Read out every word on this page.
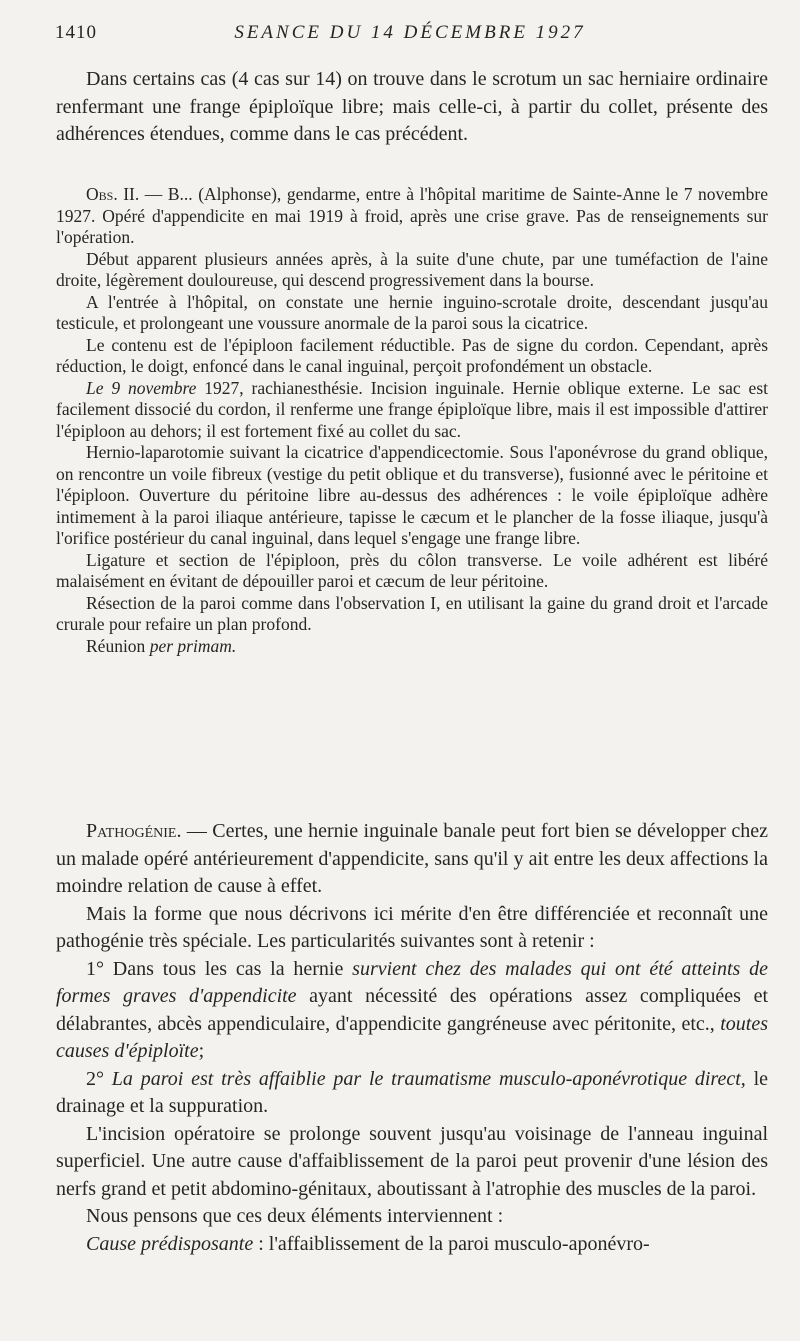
1410	SEANCE DU 14 DÉCEMBRE 1927

Dans certains cas (4 cas sur 14) on trouve dans le scrotum un sac herniaire ordinaire renfermant une frange épiploïque libre; mais celle-ci, à partir du collet, présente des adhérences étendues, comme dans le cas précédent.

Obs. II. — B... (Alphonse), gendarme, entre à l'hôpital maritime de Sainte-Anne le 7 novembre 1927. Opéré d'appendicite en mai 1919 à froid, après une crise grave. Pas de renseignements sur l'opération.

Début apparent plusieurs années après, à la suite d'une chute, par une tuméfaction de l'aine droite, légèrement douloureuse, qui descend progressivement dans la bourse.

A l'entrée à l'hôpital, on constate une hernie inguino-scrotale droite, descendant jusqu'au testicule, et prolongeant une voussure anormale de la paroi sous la cicatrice.

Le contenu est de l'épiploon facilement réductible. Pas de signe du cordon. Cependant, après réduction, le doigt, enfoncé dans le canal inguinal, perçoit profondément un obstacle.

Le 9 novembre 1927, rachianesthésie. Incision inguinale. Hernie oblique externe. Le sac est facilement dissocié du cordon, il renferme une frange épiploïque libre, mais il est impossible d'attirer l'épiploon au dehors; il est fortement fixé au collet du sac.

Hernio-laparotomie suivant la cicatrice d'appendicectomie. Sous l'aponévrose du grand oblique, on rencontre un voile fibreux (vestige du petit oblique et du transverse), fusionné avec le péritoine et l'épiploon. Ouverture du péritoine libre au-dessus des adhérences : le voile épiploïque adhère intimement à la paroi iliaque antérieure, tapisse le cæcum et le plancher de la fosse iliaque, jusqu'à l'orifice postérieur du canal inguinal, dans lequel s'engage une frange libre.

Ligature et section de l'épiploon, près du côlon transverse. Le voile adhérent est libéré malaisément en évitant de dépouiller paroi et cæcum de leur péritoine.

Résection de la paroi comme dans l'observation I, en utilisant la gaine du grand droit et l'arcade crurale pour refaire un plan profond.

Réunion per primam.

Pathogénie. — Certes, une hernie inguinale banale peut fort bien se développer chez un malade opéré antérieurement d'appendicite, sans qu'il y ait entre les deux affections la moindre relation de cause à effet.

Mais la forme que nous décrivons ici mérite d'en être différenciée et reconnaît une pathogénie très spéciale. Les particularités suivantes sont à retenir :

1° Dans tous les cas la hernie survient chez des malades qui ont été atteints de formes graves d'appendicite ayant nécessité des opérations assez compliquées et délabrantes, abcès appendiculaire, d'appendicite gangréneuse avec péritonite, etc., toutes causes d'épiploïte;

2° La paroi est très affaiblie par le traumatisme musculo-aponévrotique direct, le drainage et la suppuration.

L'incision opératoire se prolonge souvent jusqu'au voisinage de l'anneau inguinal superficiel. Une autre cause d'affaiblissement de la paroi peut provenir d'une lésion des nerfs grand et petit abdomino-génitaux, aboutissant à l'atrophie des muscles de la paroi.

Nous pensons que ces deux éléments interviennent :

Cause prédisposante : l'affaiblissement de la paroi musculo-aponévro-
